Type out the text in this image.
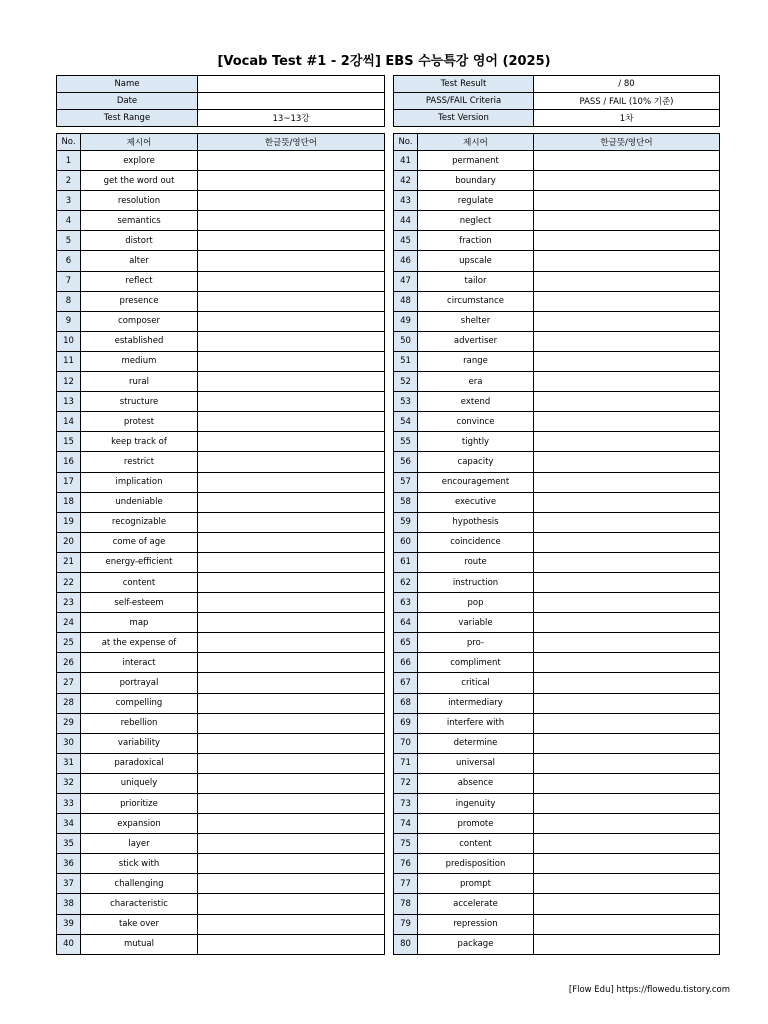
[Vocab Test #1 - 2강씩] EBS 수능특강 영어 (2025)
Name	
Date	
Test Range	13~13강
Test Result	/ 80
PASS/FAIL Criteria	PASS / FAIL (10% 기준)
Test Version	1차
No.	제시어	한글뜻/영단어
1	explore	
2	get the word out	
3	resolution	
4	semantics	
5	distort	
6	alter	
7	reflect	
8	presence	
9	composer	
10	established	
11	medium	
12	rural	
13	structure	
14	protest	
15	keep track of	
16	restrict	
17	implication	
18	undeniable	
19	recognizable	
20	come of age	
21	energy-efficient	
22	content	
23	self-esteem	
24	map	
25	at the expense of	
26	interact	
27	portrayal	
28	compelling	
29	rebellion	
30	variability	
31	paradoxical	
32	uniquely	
33	prioritize	
34	expansion	
35	layer	
36	stick with	
37	challenging	
38	characteristic	
39	take over	
40	mutual	
No.	제시어	한글뜻/영단어
41	permanent	
42	boundary	
43	regulate	
44	neglect	
45	fraction	
46	upscale	
47	tailor	
48	circumstance	
49	shelter	
50	advertiser	
51	range	
52	era	
53	extend	
54	convince	
55	tightly	
56	capacity	
57	encouragement	
58	executive	
59	hypothesis	
60	coincidence	
61	route	
62	instruction	
63	pop	
64	variable	
65	pro-	
66	compliment	
67	critical	
68	intermediary	
69	interfere with	
70	determine	
71	universal	
72	absence	
73	ingenuity	
74	promote	
75	content	
76	predisposition	
77	prompt	
78	accelerate	
79	repression	
80	package	
[Flow Edu] https://flowedu.tistory.com
